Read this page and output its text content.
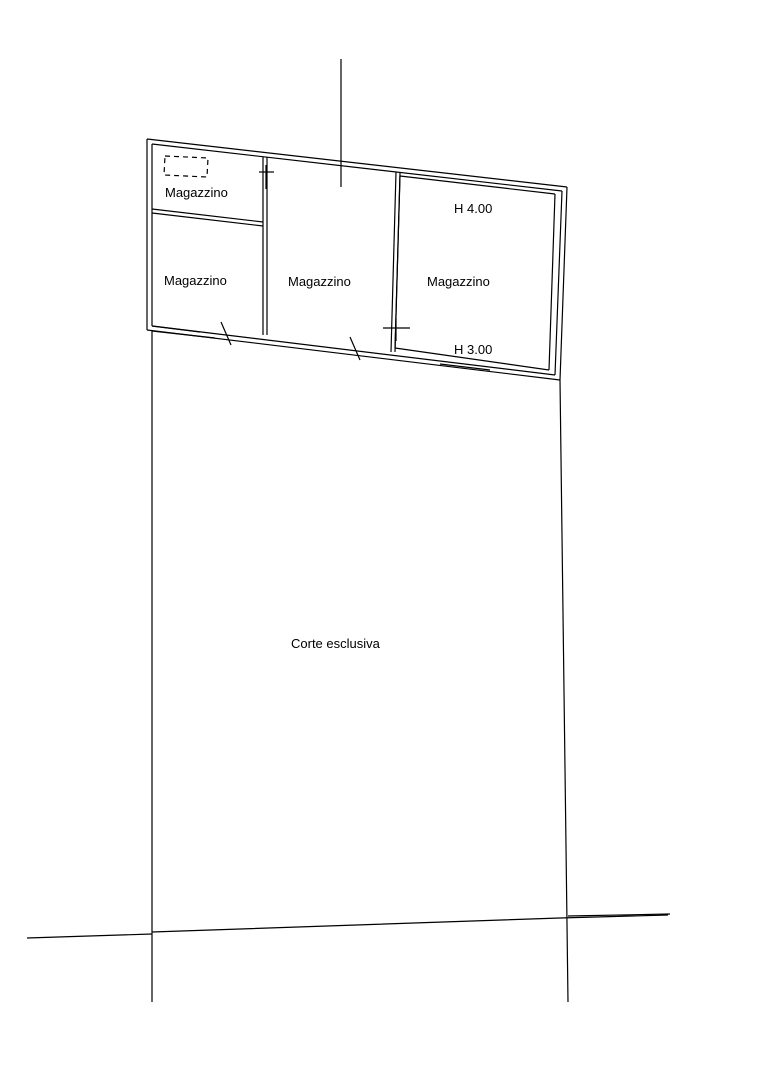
Magazzino
Magazzino	Magazzino	Magazzino
Corte esclusiva
H 4.00
H 3.00
